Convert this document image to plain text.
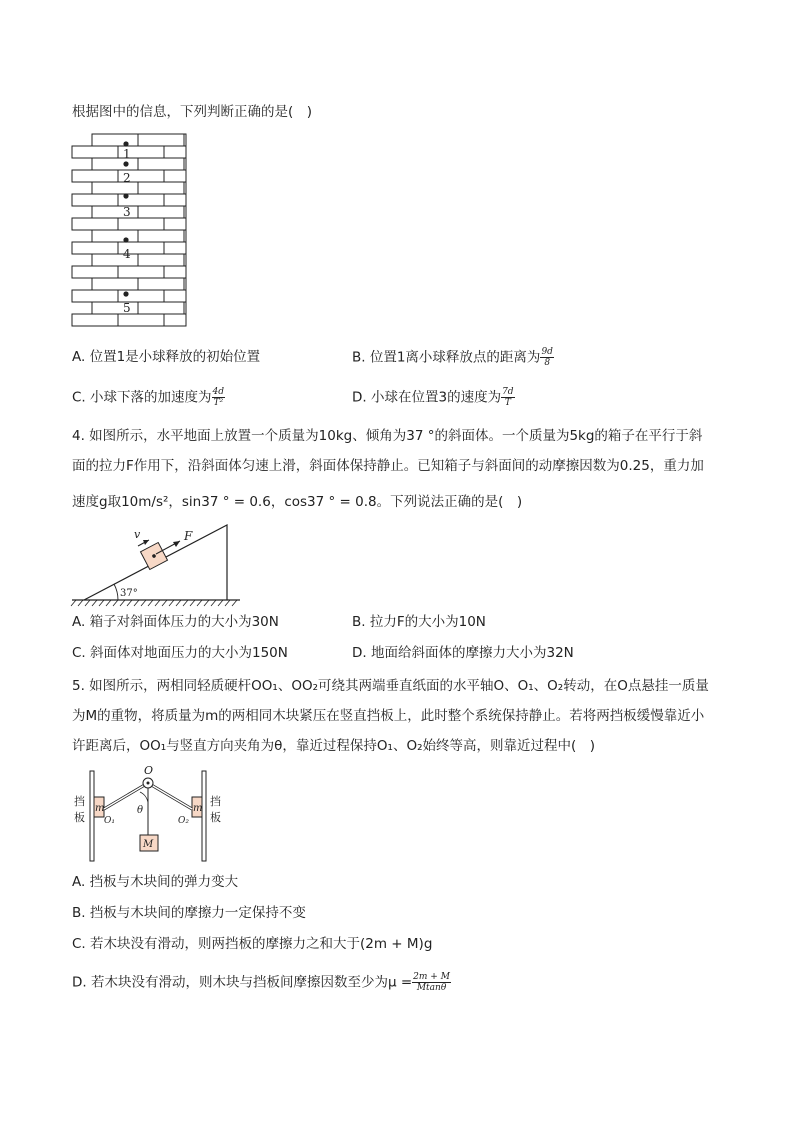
根据图中的信息，下列判断正确的是(　)
1
2
3
4
5
A. 位置1是小球释放的初始位置	B. 位置1离小球释放点的距离为 $\frac{9d}{8}$
C. 小球下落的加速度为 $\frac{4d}{\text{T²}}$	D. 小球在位置3的速度为 $\frac{7d}{T}$
4. 如图所示，水平地面上放置一个质量为10kg、倾角为37 °的斜面体。一个质量为5kg的箱子在平行于斜
面的拉力F作用下，沿斜面体匀速上滑，斜面体保持静止。已知箱子与斜面间的动摩擦因数为0.25，重力加
速度g取10m/s²，sin37 ° = 0.6，cos37 ° = 0.8。下列说法正确的是(　)
37°
F
v
A. 箱子对斜面体压力的大小为30N	B. 拉力F的大小为10N
C. 斜面体对地面压力的大小为150N	D. 地面给斜面体的摩擦力大小为32N
5. 如图所示，两相同轻质硬杆OO₁、OO₂可绕其两端垂直纸面的水平轴O、O₁、O₂转动，在O点悬挂一质量
为M的重物，将质量为m的两相同木块紧压在竖直挡板上，此时整个系统保持静止。若将两挡板缓慢靠近小
许距离后，OO₁与竖直方向夹角为θ，靠近过程保持O₁、O₂始终等高，则靠近过程中(　)
m	m
O
θ
M
O₁	O₂
挡
板
挡
板
A. 挡板与木块间的弹力变大
B. 挡板与木块间的摩擦力一定保持不变
C. 若木块没有滑动，则两挡板的摩擦力之和大于(2m + M)g
D. 若木块没有滑动，则木块与挡板间摩擦因数至少为$\mu = \frac{2m + M}{Mtan\theta}$
